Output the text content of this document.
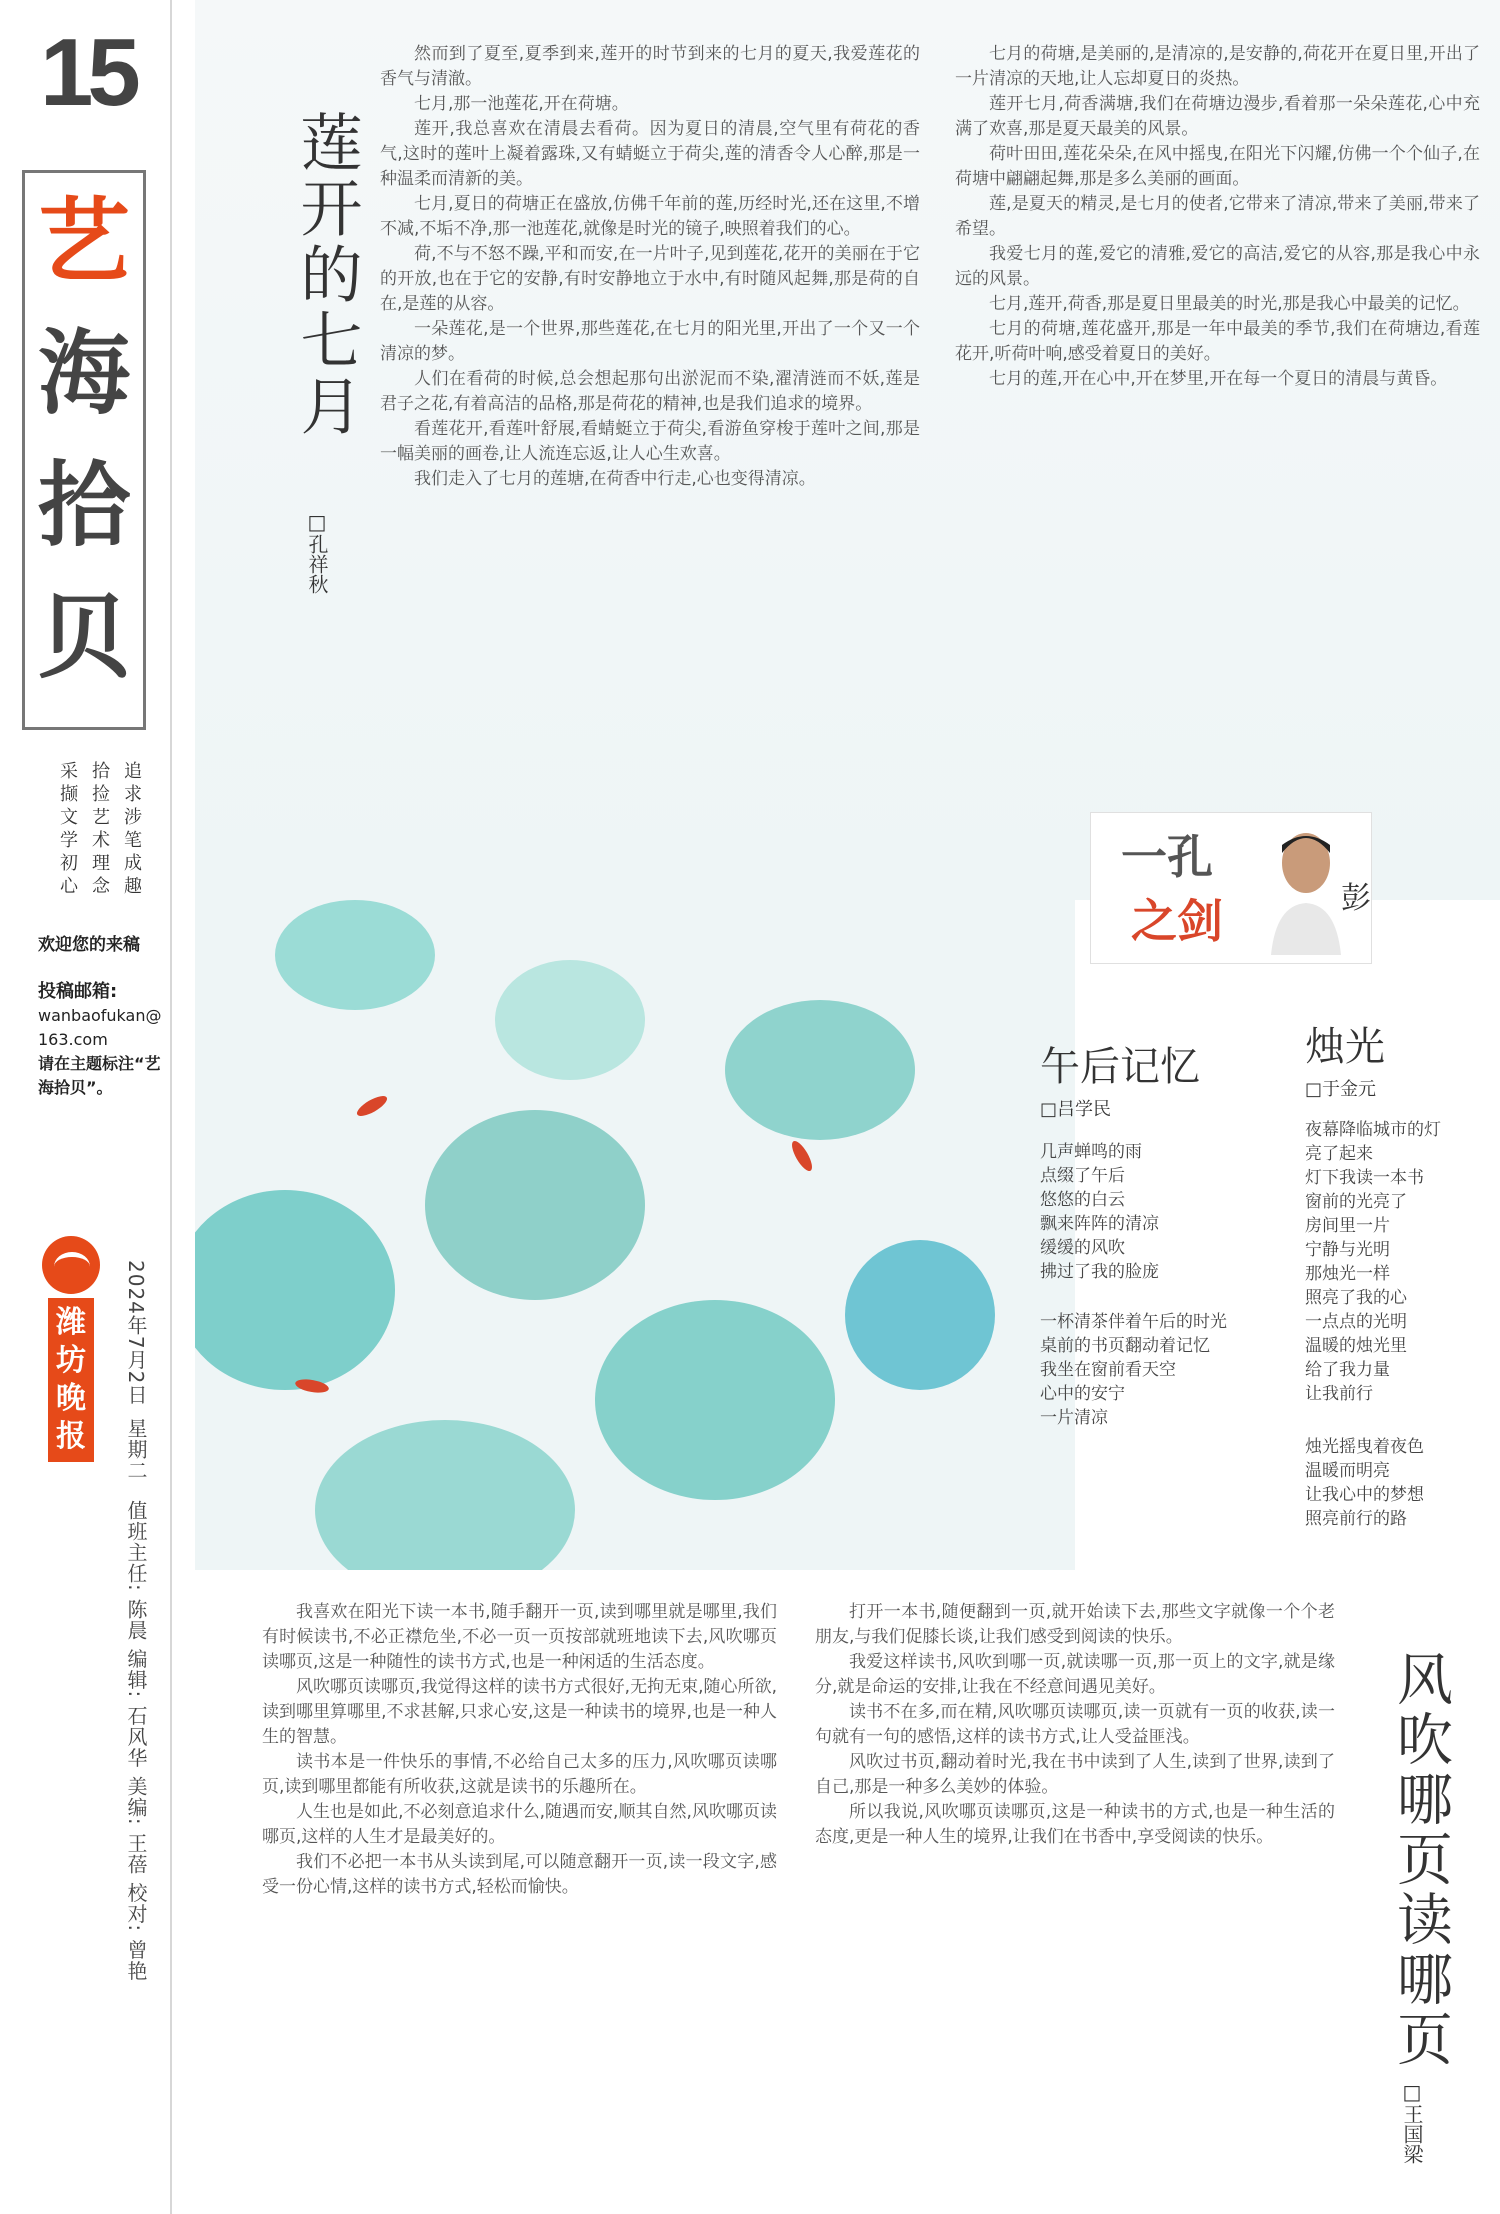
15
艺
海
拾
贝
采撷文学初心
拾捡艺术理念
追求涉笔成趣
欢迎您的来稿
投稿邮箱:
wanbaofukan@163.com
请在主题标注“艺海拾贝”。
潍坊晚报
2024年7月2日
星期二
值班主任: 陈晨 编辑: 石风华 美编: 王蓓 校对: 曾艳
莲开的七月
□孔祥秋

然而到了夏至,夏季到来,莲开的时节到来的七月的夏天,我爱莲花的香气与清澈。

七月,那一池莲花,开在荷塘。

莲开,我总喜欢在清晨去看荷。因为夏日的清晨,空气里有荷花的香气,这时的莲叶上凝着露珠,又有蜻蜓立于荷尖,莲的清香令人心醉,那是一种温柔而清新的美。

七月,夏日的荷塘正在盛放,仿佛千年前的莲,历经时光,还在这里,不增不减,不垢不净,那一池莲花,就像是时光的镜子,映照着我们的心。

荷,不与不怒不躁,平和而安,在一片叶子,见到莲花,花开的美丽在于它的开放,也在于它的安静,有时安静地立于水中,有时随风起舞,那是荷的自在,是莲的从容。

一朵莲花,是一个世界,那些莲花,在七月的阳光里,开出了一个又一个清凉的梦。

人们在看荷的时候,总会想起那句出淤泥而不染,濯清涟而不妖,莲是君子之花,有着高洁的品格,那是荷花的精神,也是我们追求的境界。

看莲花开,看莲叶舒展,看蜻蜓立于荷尖,看游鱼穿梭于莲叶之间,那是一幅美丽的画卷,让人流连忘返,让人心生欢喜。

我们走入了七月的莲塘,在荷香中行走,心也变得清凉。

七月的荷塘,是美丽的,是清凉的,是安静的,荷花开在夏日里,开出了一片清凉的天地,让人忘却夏日的炎热。

莲开七月,荷香满塘,我们在荷塘边漫步,看着那一朵朵莲花,心中充满了欢喜,那是夏天最美的风景。

荷叶田田,莲花朵朵,在风中摇曳,在阳光下闪耀,仿佛一个个仙子,在荷塘中翩翩起舞,那是多么美丽的画面。

莲,是夏天的精灵,是七月的使者,它带来了清凉,带来了美丽,带来了希望。

我爱七月的莲,爱它的清雅,爱它的高洁,爱它的从容,那是我心中永远的风景。

七月,莲开,荷香,那是夏日里最美的时光,那是我心中最美的记忆。

七月的荷塘,莲花盛开,那是一年中最美的季节,我们在荷塘边,看莲花开,听荷叶响,感受着夏日的美好。

七月的莲,开在心中,开在梦里,开在每一个夏日的清晨与黄昏。

一孔
之剑	彭
午后记忆
□吕学民
几声蝉鸣的雨
点缀了午后
悠悠的白云
飘来阵阵的清凉
缓缓的风吹
拂过了我的脸庞
一杯清茶伴着午后的时光
桌前的书页翻动着记忆
我坐在窗前看天空
心中的安宁
一片清凉
烛光
□于金元
夜幕降临城市的灯
亮了起来
灯下我读一本书
窗前的光亮了
房间里一片
宁静与光明
那烛光一样
照亮了我的心
一点点的光明
温暖的烛光里
给了我力量
让我前行
烛光摇曳着夜色
温暖而明亮
让我心中的梦想
照亮前行的路
风吹哪页读哪页
□王国梁

我喜欢在阳光下读一本书,随手翻开一页,读到哪里就是哪里,我们有时候读书,不必正襟危坐,不必一页一页按部就班地读下去,风吹哪页读哪页,这是一种随性的读书方式,也是一种闲适的生活态度。

风吹哪页读哪页,我觉得这样的读书方式很好,无拘无束,随心所欲,读到哪里算哪里,不求甚解,只求心安,这是一种读书的境界,也是一种人生的智慧。

读书本是一件快乐的事情,不必给自己太多的压力,风吹哪页读哪页,读到哪里都能有所收获,这就是读书的乐趣所在。

人生也是如此,不必刻意追求什么,随遇而安,顺其自然,风吹哪页读哪页,这样的人生才是最美好的。

我们不必把一本书从头读到尾,可以随意翻开一页,读一段文字,感受一份心情,这样的读书方式,轻松而愉快。

打开一本书,随便翻到一页,就开始读下去,那些文字就像一个个老朋友,与我们促膝长谈,让我们感受到阅读的快乐。

我爱这样读书,风吹到哪一页,就读哪一页,那一页上的文字,就是缘分,就是命运的安排,让我在不经意间遇见美好。

读书不在多,而在精,风吹哪页读哪页,读一页就有一页的收获,读一句就有一句的感悟,这样的读书方式,让人受益匪浅。

风吹过书页,翻动着时光,我在书中读到了人生,读到了世界,读到了自己,那是一种多么美妙的体验。

所以我说,风吹哪页读哪页,这是一种读书的方式,也是一种生活的态度,更是一种人生的境界,让我们在书香中,享受阅读的快乐。
